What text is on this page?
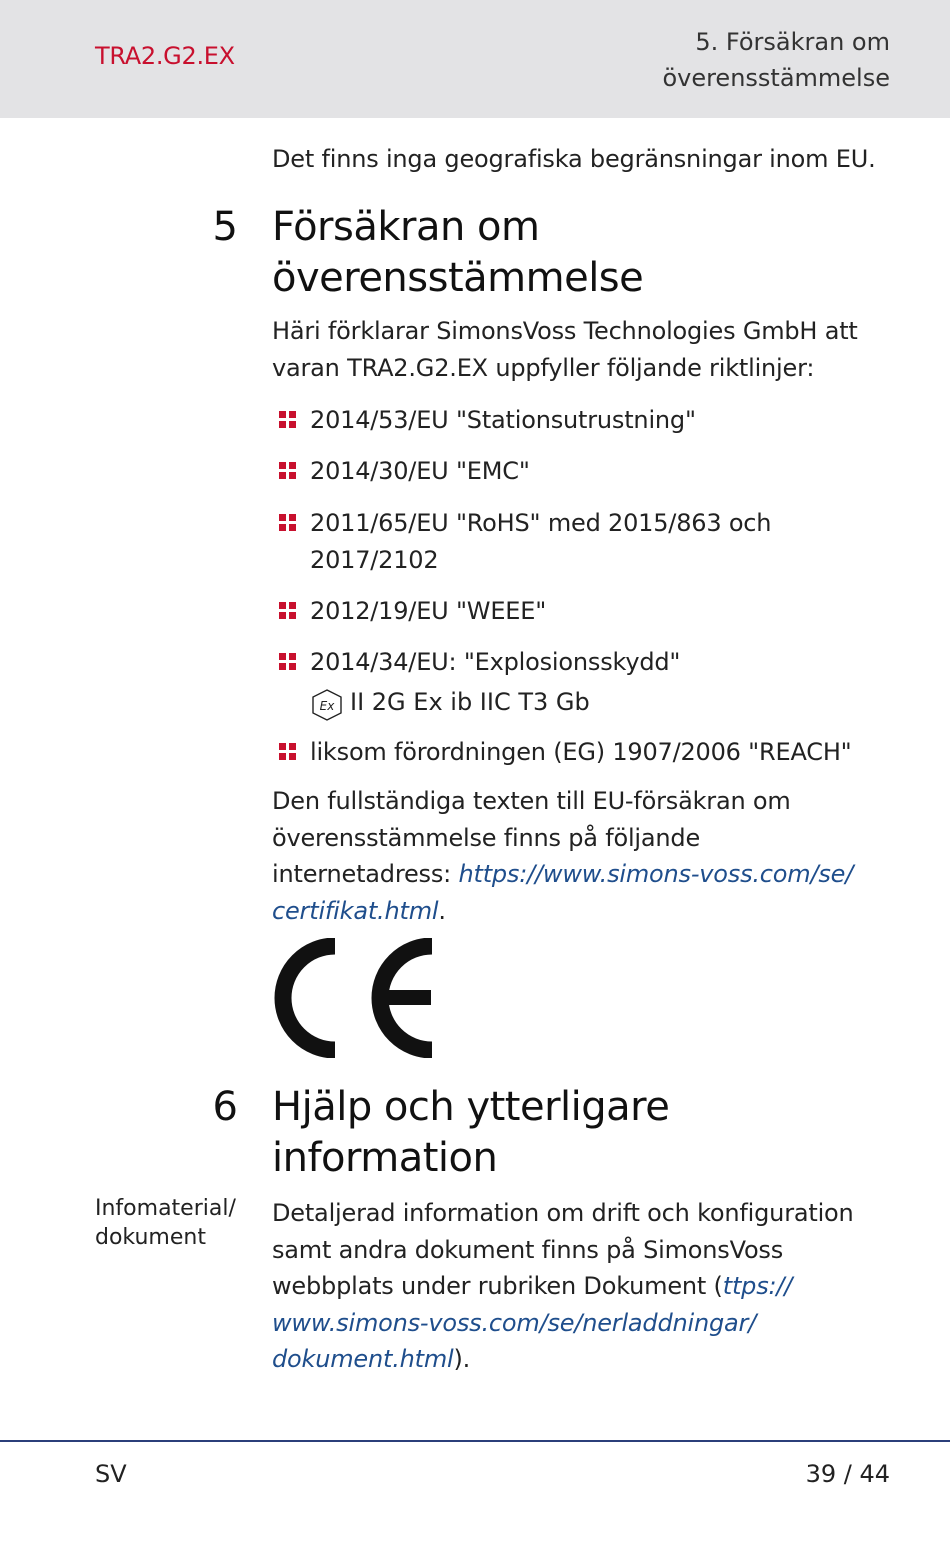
TRA2.G2.EX	5. Försäkran om
överensstämmelse
Det finns inga geografiska begränsningar inom EU.
5 Försäkran om
överensstämmelse
Häri förklarar SimonsVoss Technologies GmbH att varan TRA2.G2.EX uppfyller följande riktlinjer:
2014/53/EU "Stationsutrustning"
2014/30/EU "EMC"
2011/65/EU "RoHS" med 2015/863 och 2017/2102
2012/19/EU "WEEE"
2014/34/EU: "Explosionsskydd"
Ex II 2G Ex ib IIC T3 Gb
liksom förordningen (EG) 1907/2006 "REACH"
Den fullständiga texten till EU-försäkran om
överensstämmelse finns på följande
internetadress: https://www.simons-voss.com/se/
certifikat.html.
6 Hjälp och ytterligare
information
Infomaterial/
dokument
Detaljerad information om drift och konfiguration
samt andra dokument finns på SimonsVoss
webbplats under rubriken Dokument (ttps://
www.simons-voss.com/se/nerladdningar/
dokument.html).
SV	39 / 44
